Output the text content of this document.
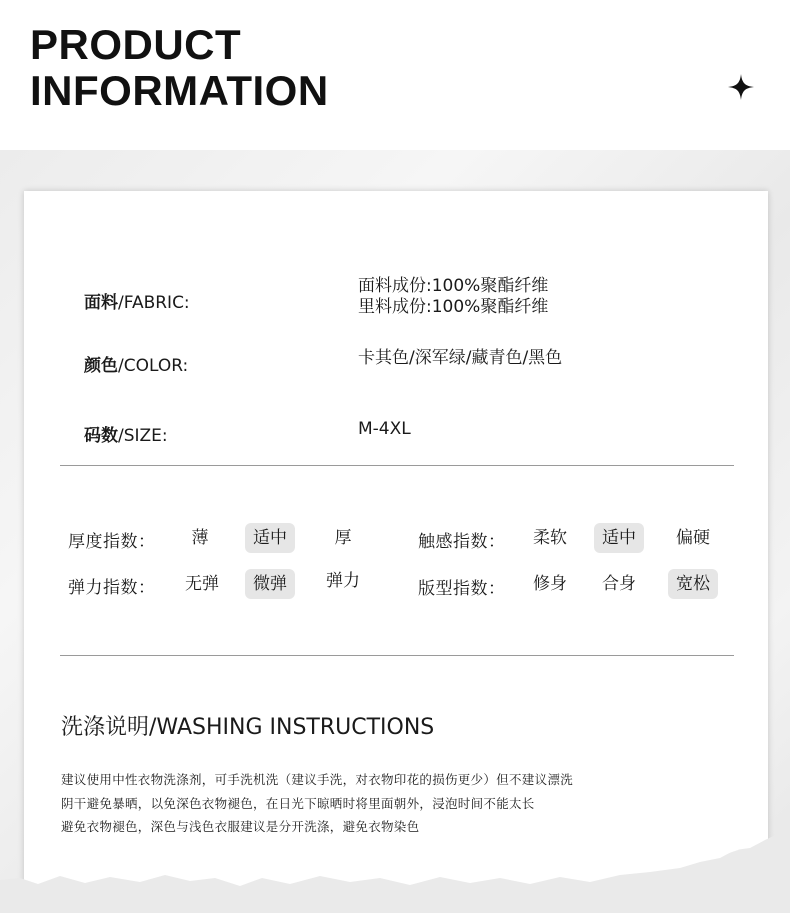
PRODUCT
INFORMATION
面料/FABRIC:
面料成份:100%聚酯纤维
里料成份:100%聚酯纤维
颜色/COLOR:	卡其色/深军绿/藏青色/黑色
码数/SIZE:	M-4XL
厚度指数：	薄	适中	厚	触感指数：	柔软	适中	偏硬
弹力指数：	无弹	微弹	弹力	版型指数：	修身	合身	宽松
洗涤说明/WASHING INSTRUCTIONS
建议使用中性衣物洗涤剂，可手洗机洗（建议手洗，对衣物印花的损伤更少）但不建议漂洗
阴干避免暴晒，以免深色衣物褪色，在日光下晾晒时将里面朝外，浸泡时间不能太长
避免衣物褪色，深色与浅色衣服建议是分开洗涤，避免衣物染色
